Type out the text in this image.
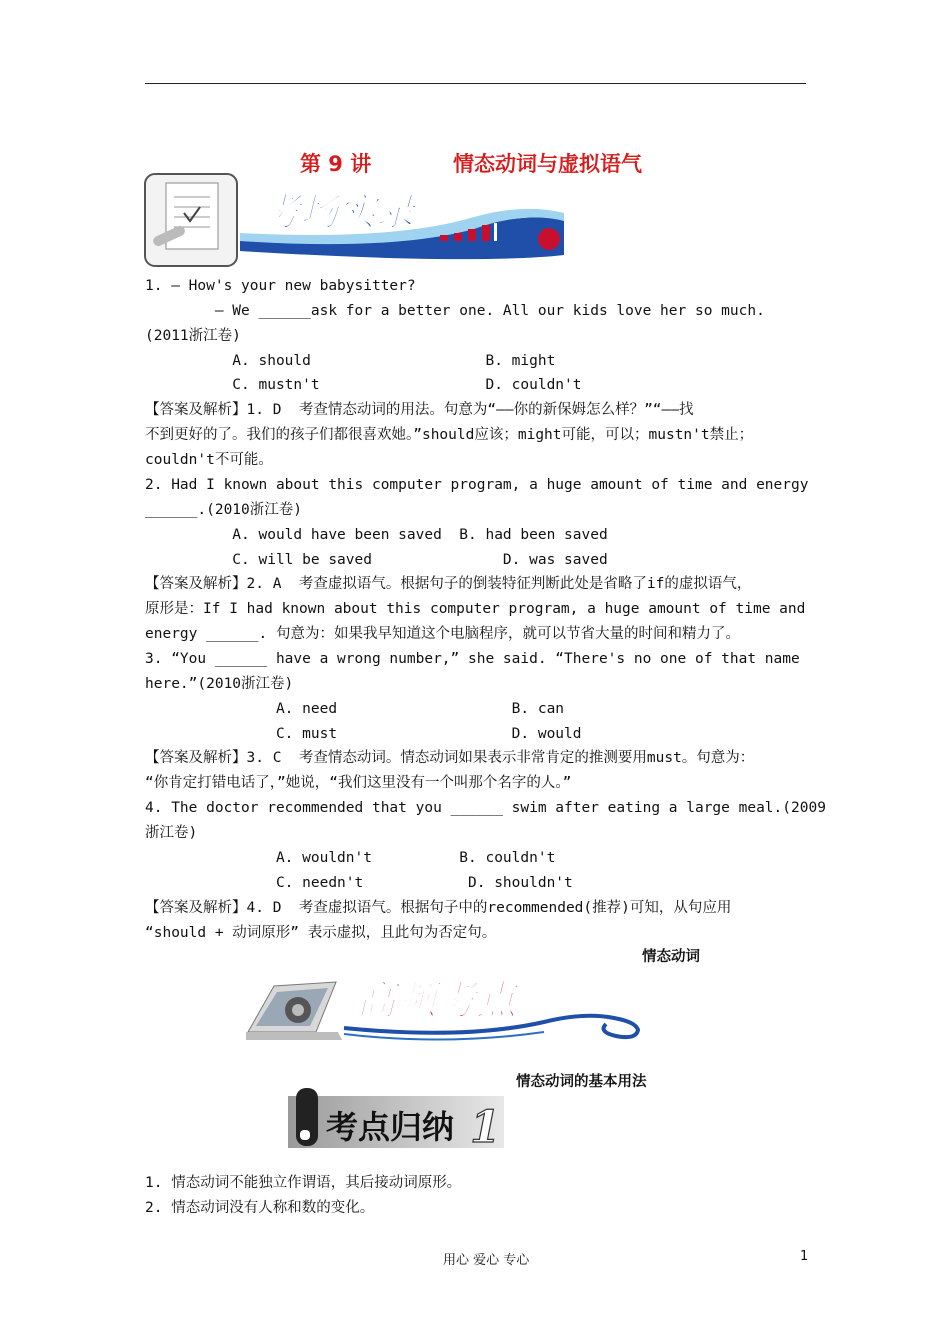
第 9 讲	情态动词与虚拟语气
考场实录
1. — How's your new babysitter?
— We ______ask for a better one. All our kids love her so much.
(2011浙江卷)
A. should                    B. might
C. mustn't                   D. couldn't
【答案及解析】1. D  考查情态动词的用法。句意为“——你的新保姆怎么样？”“——找
不到更好的了。我们的孩子们都很喜欢她。”should应该；might可能，可以；mustn't禁止；
couldn't不可能。
2. Had I known about this computer program, a huge amount of time and energy
______.(2010浙江卷)
A. would have been saved  B. had been saved
C. will be saved               D. was saved
【答案及解析】2. A  考查虚拟语气。根据句子的倒装特征判断此处是省略了if的虚拟语气，
原形是：If I had known about this computer program, a huge amount of time and
energy ______. 句意为：如果我早知道这个电脑程序，就可以节省大量的时间和精力了。
3. “You ______ have a wrong number,” she said. “There's no one of that name
here.”(2010浙江卷)
A. need                    B. can
C. must                    D. would
【答案及解析】3. C  考查情态动词。情态动词如果表示非常肯定的推测要用must。句意为：
“你肯定打错电话了，”她说，“我们这里没有一个叫那个名字的人。”
4. The doctor recommended that you ______ swim after eating a large meal.(2009
浙江卷)
A. wouldn't          B. couldn't
C. needn't            D. shouldn't
【答案及解析】4. D  考查虚拟语气。根据句子中的recommended(推荐)可知，从句应用
“should + 动词原形” 表示虚拟，且此句为否定句。
情态动词
高频考点
情态动词的基本用法
考点归纳 1
1. 情态动词不能独立作谓语，其后接动词原形。
2. 情态动词没有人称和数的变化。
用心 爱心 专心	1
